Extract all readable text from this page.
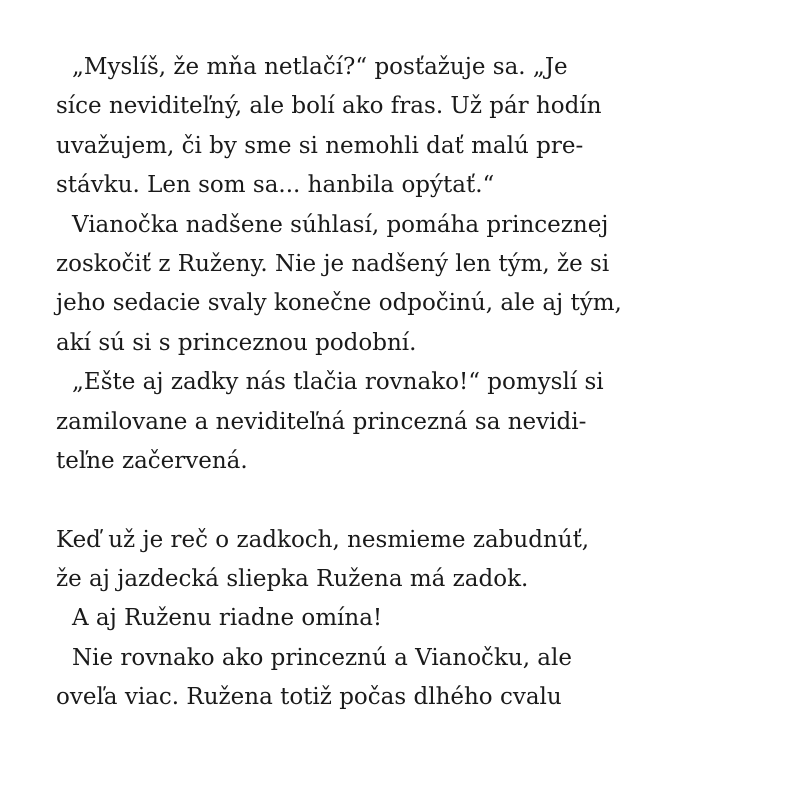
„Myslíš, že mňa netlačí?“ posťažuje sa. „Je
síce neviditeľný, ale bolí ako fras. Už pár hodín
uvažujem, či by sme si nemohli dať malú pre-
stávku. Len som sa... hanbila opýtať.“
Vianočka nadšene súhlasí, pomáha princeznej
zoskočiť z Ruženy. Nie je nadšený len tým, že si
jeho sedacie svaly konečne odpočinú, ale aj tým,
akí sú si s princeznou podobní.
„Ešte aj zadky nás tlačia rovnako!“ pomyslí si
zamilovane a neviditeľná princezná sa nevidi-
teľne začervená.
Keď už je reč o zadkoch, nesmieme zabudnúť,
že aj jazdecká sliepka Ružena má zadok.
A aj Ruženu riadne omína!
Nie rovnako ako princeznú a Vianočku, ale
oveľa viac. Ružena totiž počas dlhého cvalu
